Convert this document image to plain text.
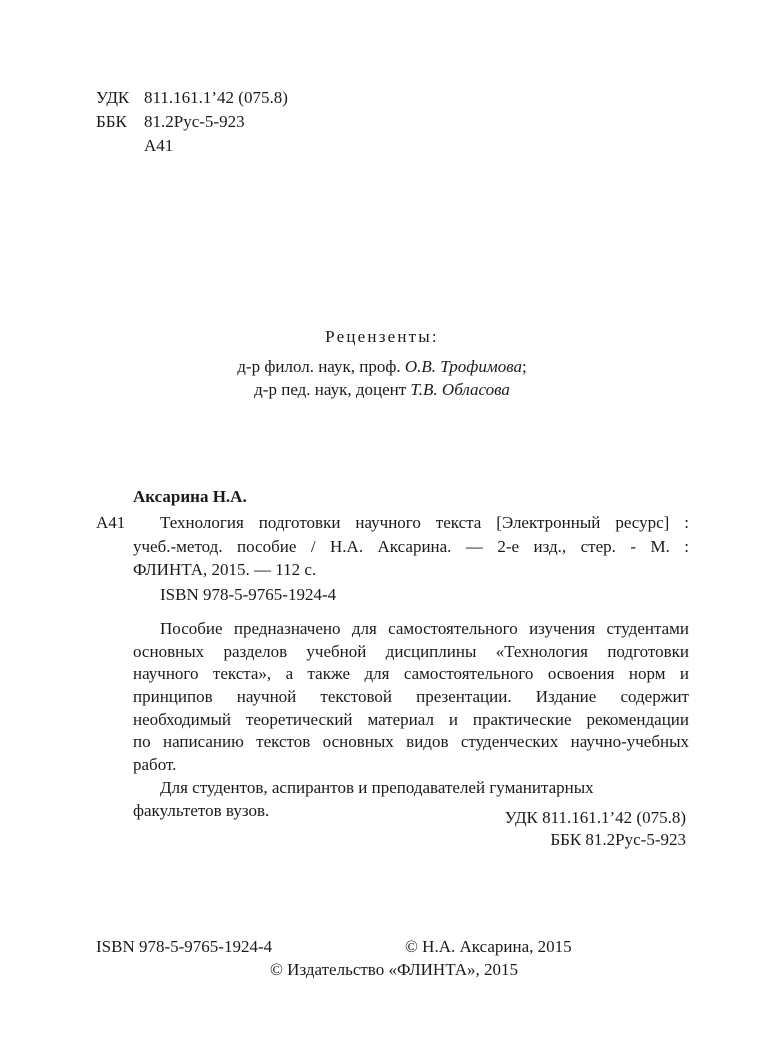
УДК 811.161.1’42 (075.8)
ББК 81.2Рус-5-923
А41
Рецензенты:
д-р филол. наук, проф. О.В. Трофимова;
д-р пед. наук, доцент Т.В. Обласова
Аксарина Н.А.
А41 Технология подготовки научного текста [Электронный ресурс] :
учеб.-метод. пособие / Н.А. Аксарина. — 2-е изд., стер. - М. :
ФЛИНТА, 2015. — 112 с.
ISBN 978-5-9765-1924-4
Пособие предназначено для самостоятельного изучения студентами
основных разделов учебной дисциплины «Технология подготовки
научного текста», а также для самостоятельного освоения норм и
принципов научной текстовой презентации. Издание содержит
необходимый теоретический материал и практические рекомендации
по написанию текстов основных видов студенческих научно-учебных
работ.
Для студентов, аспирантов и преподавателей гуманитарных
факультетов вузов.	УДК 811.161.1’42 (075.8)
ББК 81.2Рус-5-923
ISBN 978-5-9765-1924-4	© Н.А. Аксарина, 2015
© Издательство «ФЛИНТА», 2015
